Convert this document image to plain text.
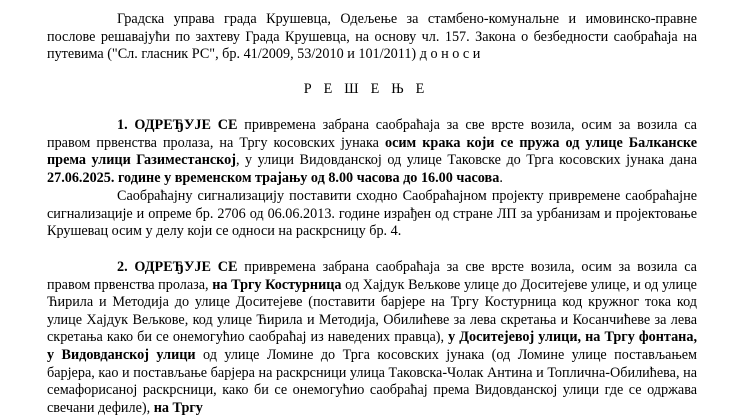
Градска управа града Крушевца, Одељење за стамбено-комунальне и имовинско-правне послове решавајући по захтеву Града Крушевца, на основу чл. 157. Закона о безбедности саобраћаја на путевима ("Сл. гласник РС", бр. 41/2009, 53/2010 и 101/2011) д о н о с и

РЕШЕЊЕ

1. ОДРЕЂУЈЕ СЕ привремена забрана саобраћаја за све врсте возила, осим за возила са правом првенства пролаза, на Тргу косовских јунака осим крака који се пружа од улице Балканске према улици Газиместанској, у улици Видовданској од улице Таковске до Трга косовских јунака дана 27.06.2025. године у временском трајању од 8.00 часова до 16.00 часова.

Саобраћајну сигнализацију поставити сходно Саобраћајном пројекту привремене саобраћајне сигнализације и опреме бр. 2706 од 06.06.2013. године израђен од стране ЛП за урбанизам и пројектовање Крушевац осим у делу који се односи на раскрсницу бр. 4.

2. ОДРЕЂУЈЕ СЕ привремена забрана саобраћаја за све врсте возила, осим за возила са правом првенства пролаза, на Тргу Костурница од Хајдук Вељкове улице до Доситејеве улице, и од улице Ћирила и Методија до улице Доситејеве (поставити барјере на Тргу Костурница код кружног тока код улице Хајдук Вељкове, код улице Ћирила и Методија, Обилићеве за лева скретања и Косанчићеве за лева скретања како би се онемогућио саобраћај из наведених правца), у Доситејевој улици, на Тргу фонтана, у Видовданској улици од улице Ломине до Трга косовских јунака (од Ломине улице постављањем барјера, као и постављање барјера на раскрсници улица Таковска-Чолак Антина и Топлична-Обилићева, на семафорисаној раскрсници, како би се онемогућио саобраћај према Видовданској улици где се одржава свечани дефиле), на Тргу
